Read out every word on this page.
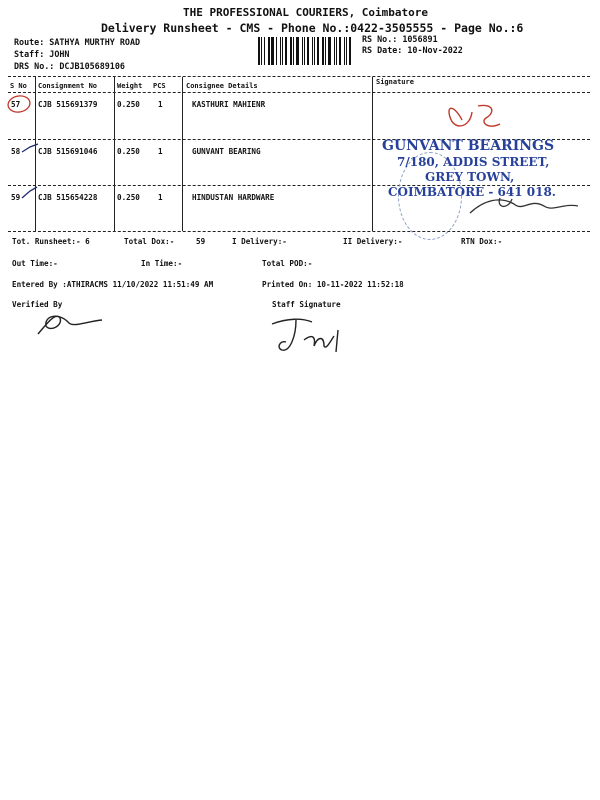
THE PROFESSIONAL COURIERS, Coimbatore
Delivery Runsheet - CMS - Phone No.:0422-3505555 - Page No.:6
Route: SATHYA MURTHY ROAD
Staff: JOHN
DRS No.: DCJB105689106
RS No.: 1056891
RS Date: 10-Nov-2022
S No Consignment No	Weight PCS	Consignee Details	Signature
57 CJB 515691379	0.250 1	KASTHURI MAHIENR
58 CJB 515691046	0.250 1	GUNVANT BEARING
59 CJB 515654228	0.250 1	HINDUSTAN HARDWARE
GUNVANT BEARINGS
7/180, ADDIS STREET,
GREY TOWN,
COIMBATORE - 641 018.
Tot. Runsheet:- 6	Total Dox:-	59	I Delivery:-	II Delivery:-	RTN Dox:-
Out Time:-	In Time:-	Total POD:-
Entered By :ATHIRACMS 11/10/2022 11:51:49 AM	Printed On: 10-11-2022 11:52:18
Verified By	Staff Signature
